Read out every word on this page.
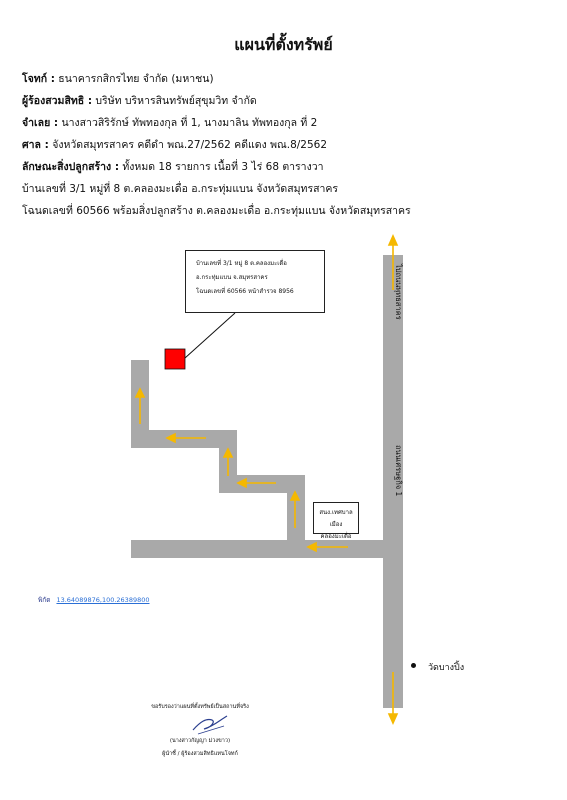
แผนที่ตั้งทรัพย์
โจทก์ : ธนาคารกสิกรไทย จำกัด (มหาชน)
ผู้ร้องสวมสิทธิ : บริษัท บริหารสินทรัพย์สุขุมวิท จำกัด
จำเลย : นางสาวสิริรักษ์ ทัพทองกุล ที่ 1, นางมาลิน ทัพทองกุล ที่ 2
ศาล : จังหวัดสมุทรสาคร คดีดำ พณ.27/2562 คดีแดง พณ.8/2562
ลักษณะสิ่งปลูกสร้าง : ทั้งหมด 18 รายการ เนื้อที่ 3 ไร่ 68 ตารางวา
บ้านเลขที่ 3/1 หมู่ที่ 8 ต.คลองมะเดื่อ อ.กระทุ่มแบน จังหวัดสมุทรสาคร
โฉนดเลขที่ 60566 พร้อมสิ่งปลูกสร้าง ต.คลองมะเดื่อ อ.กระทุ่มแบน จังหวัดสมุทรสาคร
บ้านเลขที่ 3/1 หมู่ 8 ต.คลองมะเดื่อ
อ.กระทุ่มแบน จ.สมุทรสาคร
โฉนดเลขที่ 60566 หน้าสำรวจ 8956
สนง.เทศบาลเมือง
คลองมะเดื่อ
ไปถนนพุทธสาคร
ถนนเศรษฐกิจ 1
พิกัด 13.64089876,100.26389800
วัดบางปิ้ง
ขอรับรองว่าแผนที่ตั้งทรัพย์เป็นสถานที่จริง
(นางสาวกัญญา ม่วงขาว)
ผู้นำชี้ / ผู้ร้องสวมสิทธิแทนโจทก์
